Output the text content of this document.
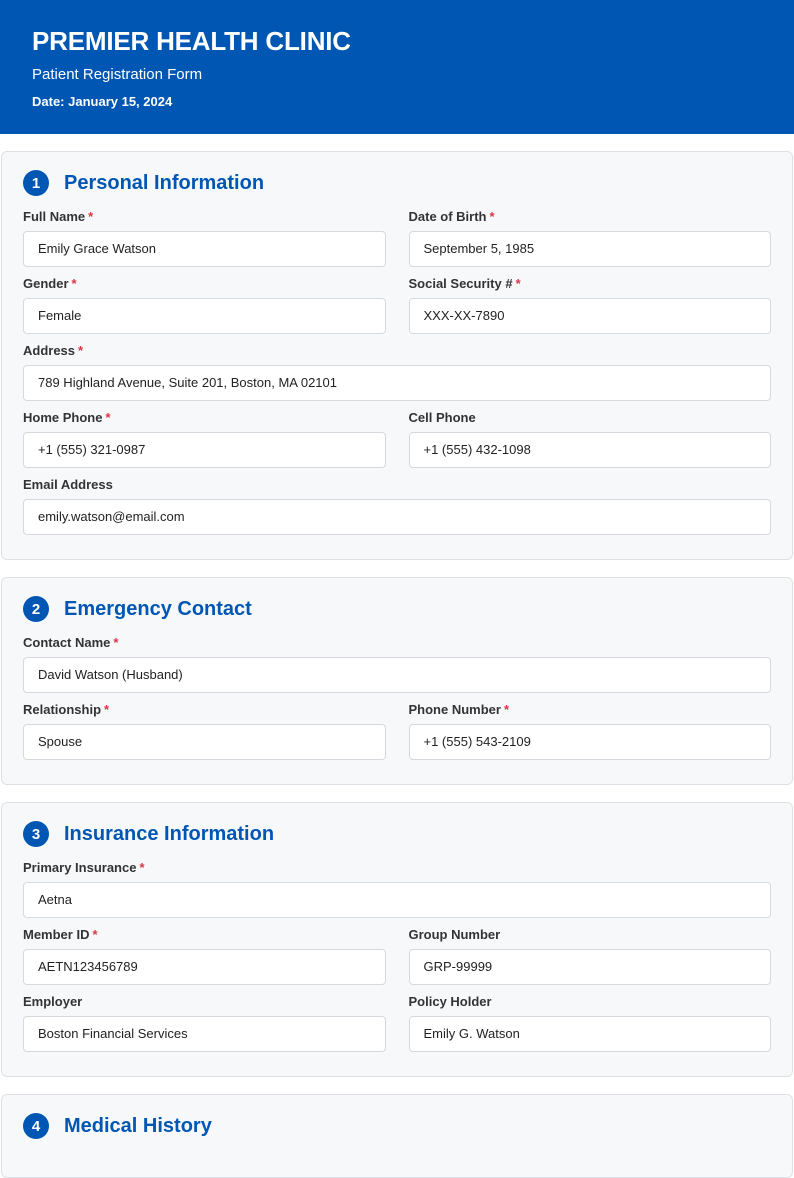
PREMIER HEALTH CLINIC
Patient Registration Form
Date: January 15, 2024
1	Personal Information
Full Name *
Emily Grace Watson
Date of Birth *
September 5, 1985
Gender *
Female
Social Security # *
XXX-XX-7890
Address *
789 Highland Avenue, Suite 201, Boston, MA 02101
Home Phone *
+1 (555) 321-0987
Cell Phone
+1 (555) 432-1098
Email Address
emily.watson@email.com
2	Emergency Contact
Contact Name *
David Watson (Husband)
Relationship *
Spouse
Phone Number *
+1 (555) 543-2109
3	Insurance Information
Primary Insurance *
Aetna
Member ID *
AETN123456789
Group Number
GRP-99999
Employer
Boston Financial Services
Policy Holder
Emily G. Watson
4	Medical History
